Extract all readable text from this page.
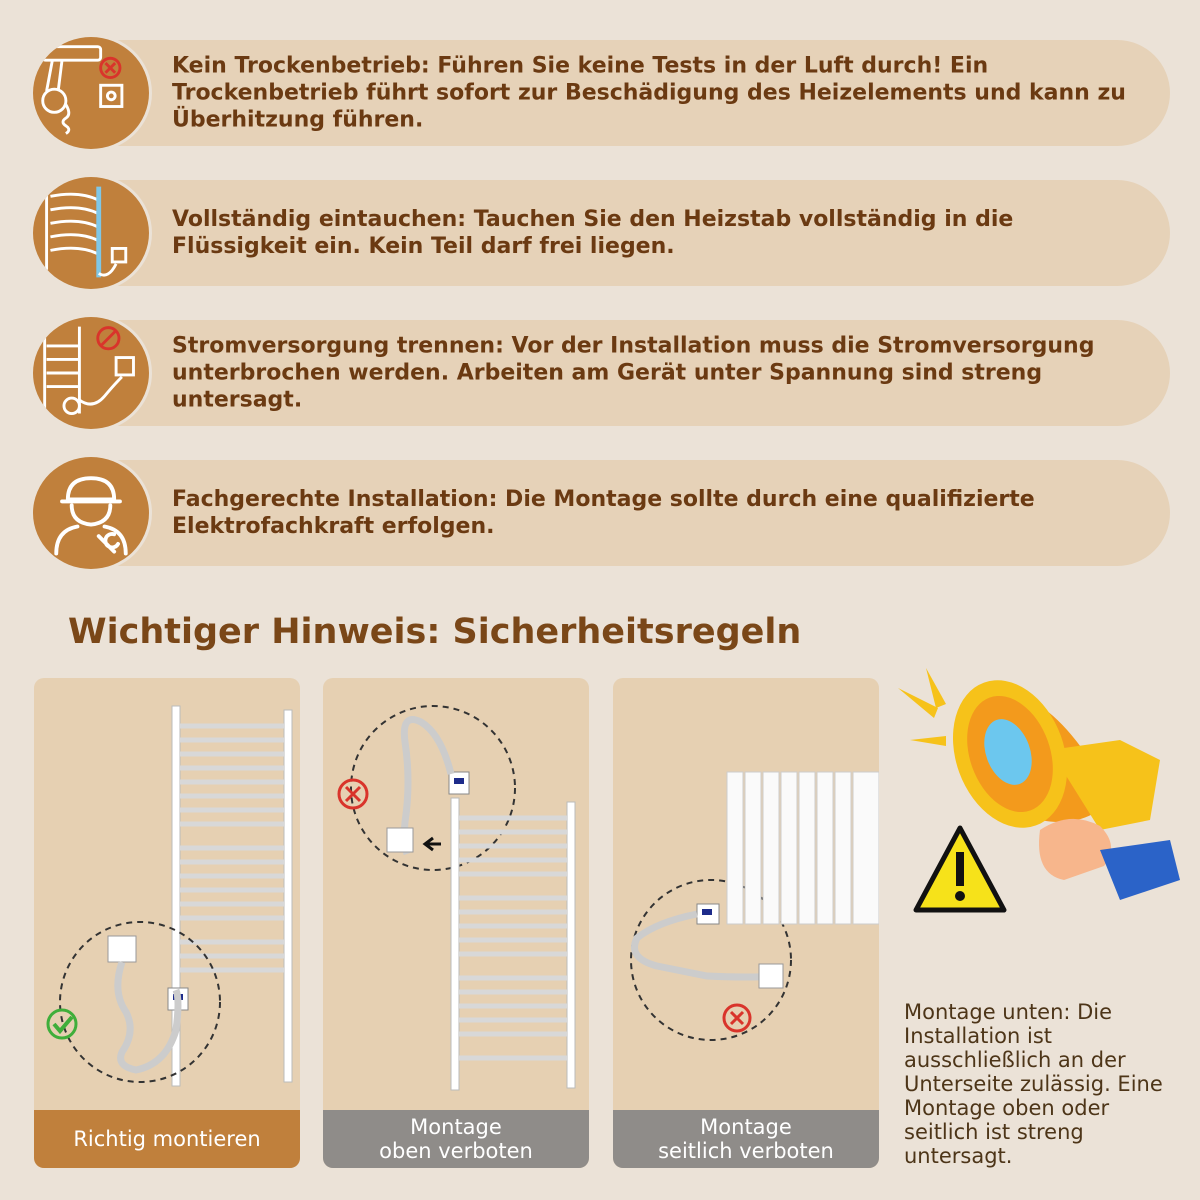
Kein Trockenbetrieb: Führen Sie keine Tests in der Luft durch! Ein Trockenbetrieb führt sofort zur Beschädigung des Heizelements und kann zu Überhitzung führen.
Vollständig eintauchen: Tauchen Sie den Heizstab vollständig in die Flüssigkeit ein. Kein Teil darf frei liegen.
Stromversorgung trennen: Vor der Installation muss die Stromversorgung unterbrochen werden. Arbeiten am Gerät unter Spannung sind streng untersagt.
Fachgerechte Installation: Die Montage sollte durch eine qualifizierte Elektrofachkraft erfolgen.
Wichtiger Hinweis: Sicherheitsregeln
Richtig montieren	Montage
oben verboten
Montage
seitlich verboten
Montage unten: Die Installation ist ausschließlich an der Unterseite zulässig. Eine Montage oben oder seitlich ist streng untersagt.
